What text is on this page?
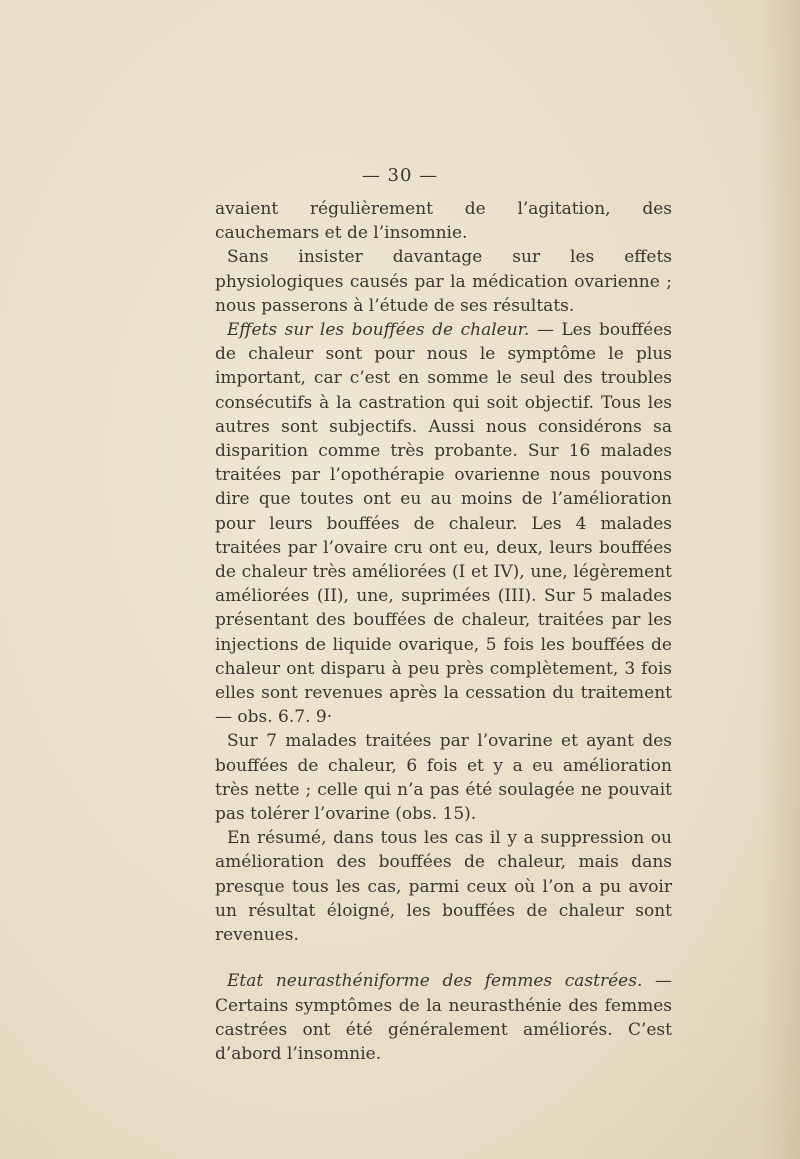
— 30 —

avaient régulièrement de l’agitation, des cauchemars et de l’insomnie.

Sans insister davantage sur les effets physiologiques causés par la médication ovarienne ; nous passerons à l’étude de ses résultats.

Effets sur les bouffées de chaleur. — Les bouffées de chaleur sont pour nous le symptôme le plus important, car c’est en somme le seul des troubles consécutifs à la castration qui soit objectif. Tous les autres sont subjectifs. Aussi nous considérons sa disparition comme très probante. Sur 16 malades traitées par l’opothérapie ovarienne nous pouvons dire que toutes ont eu au moins de l’amélioration pour leurs bouffées de chaleur. Les 4 malades traitées par l’ovaire cru ont eu, deux, leurs bouffées de chaleur très améliorées (I et IV), une, légèrement améliorées (II), une, suprimées (III). Sur 5 malades présentant des bouffées de chaleur, traitées par les injections de liquide ovarique, 5 fois les bouffées de chaleur ont disparu à peu près complètement, 3 fois elles sont revenues après la cessation du traitement — obs. 6.7. 9·

Sur 7 malades traitées par l’ovarine et ayant des bouffées de chaleur, 6 fois et y a eu amélioration très nette ; celle qui n’a pas été soulagée ne pouvait pas tolérer l’ovarine (obs. 15).

En résumé, dans tous les cas il y a suppression ou amélioration des bouffées de chaleur, mais dans presque tous les cas, parmi ceux où l’on a pu avoir un résultat éloigné, les bouffées de chaleur sont revenues.

Etat neurasthéniforme des femmes castrées. — Certains symptômes de la neurasthénie des femmes castrées ont été généralement améliorés. C’est d’abord l’insomnie.
